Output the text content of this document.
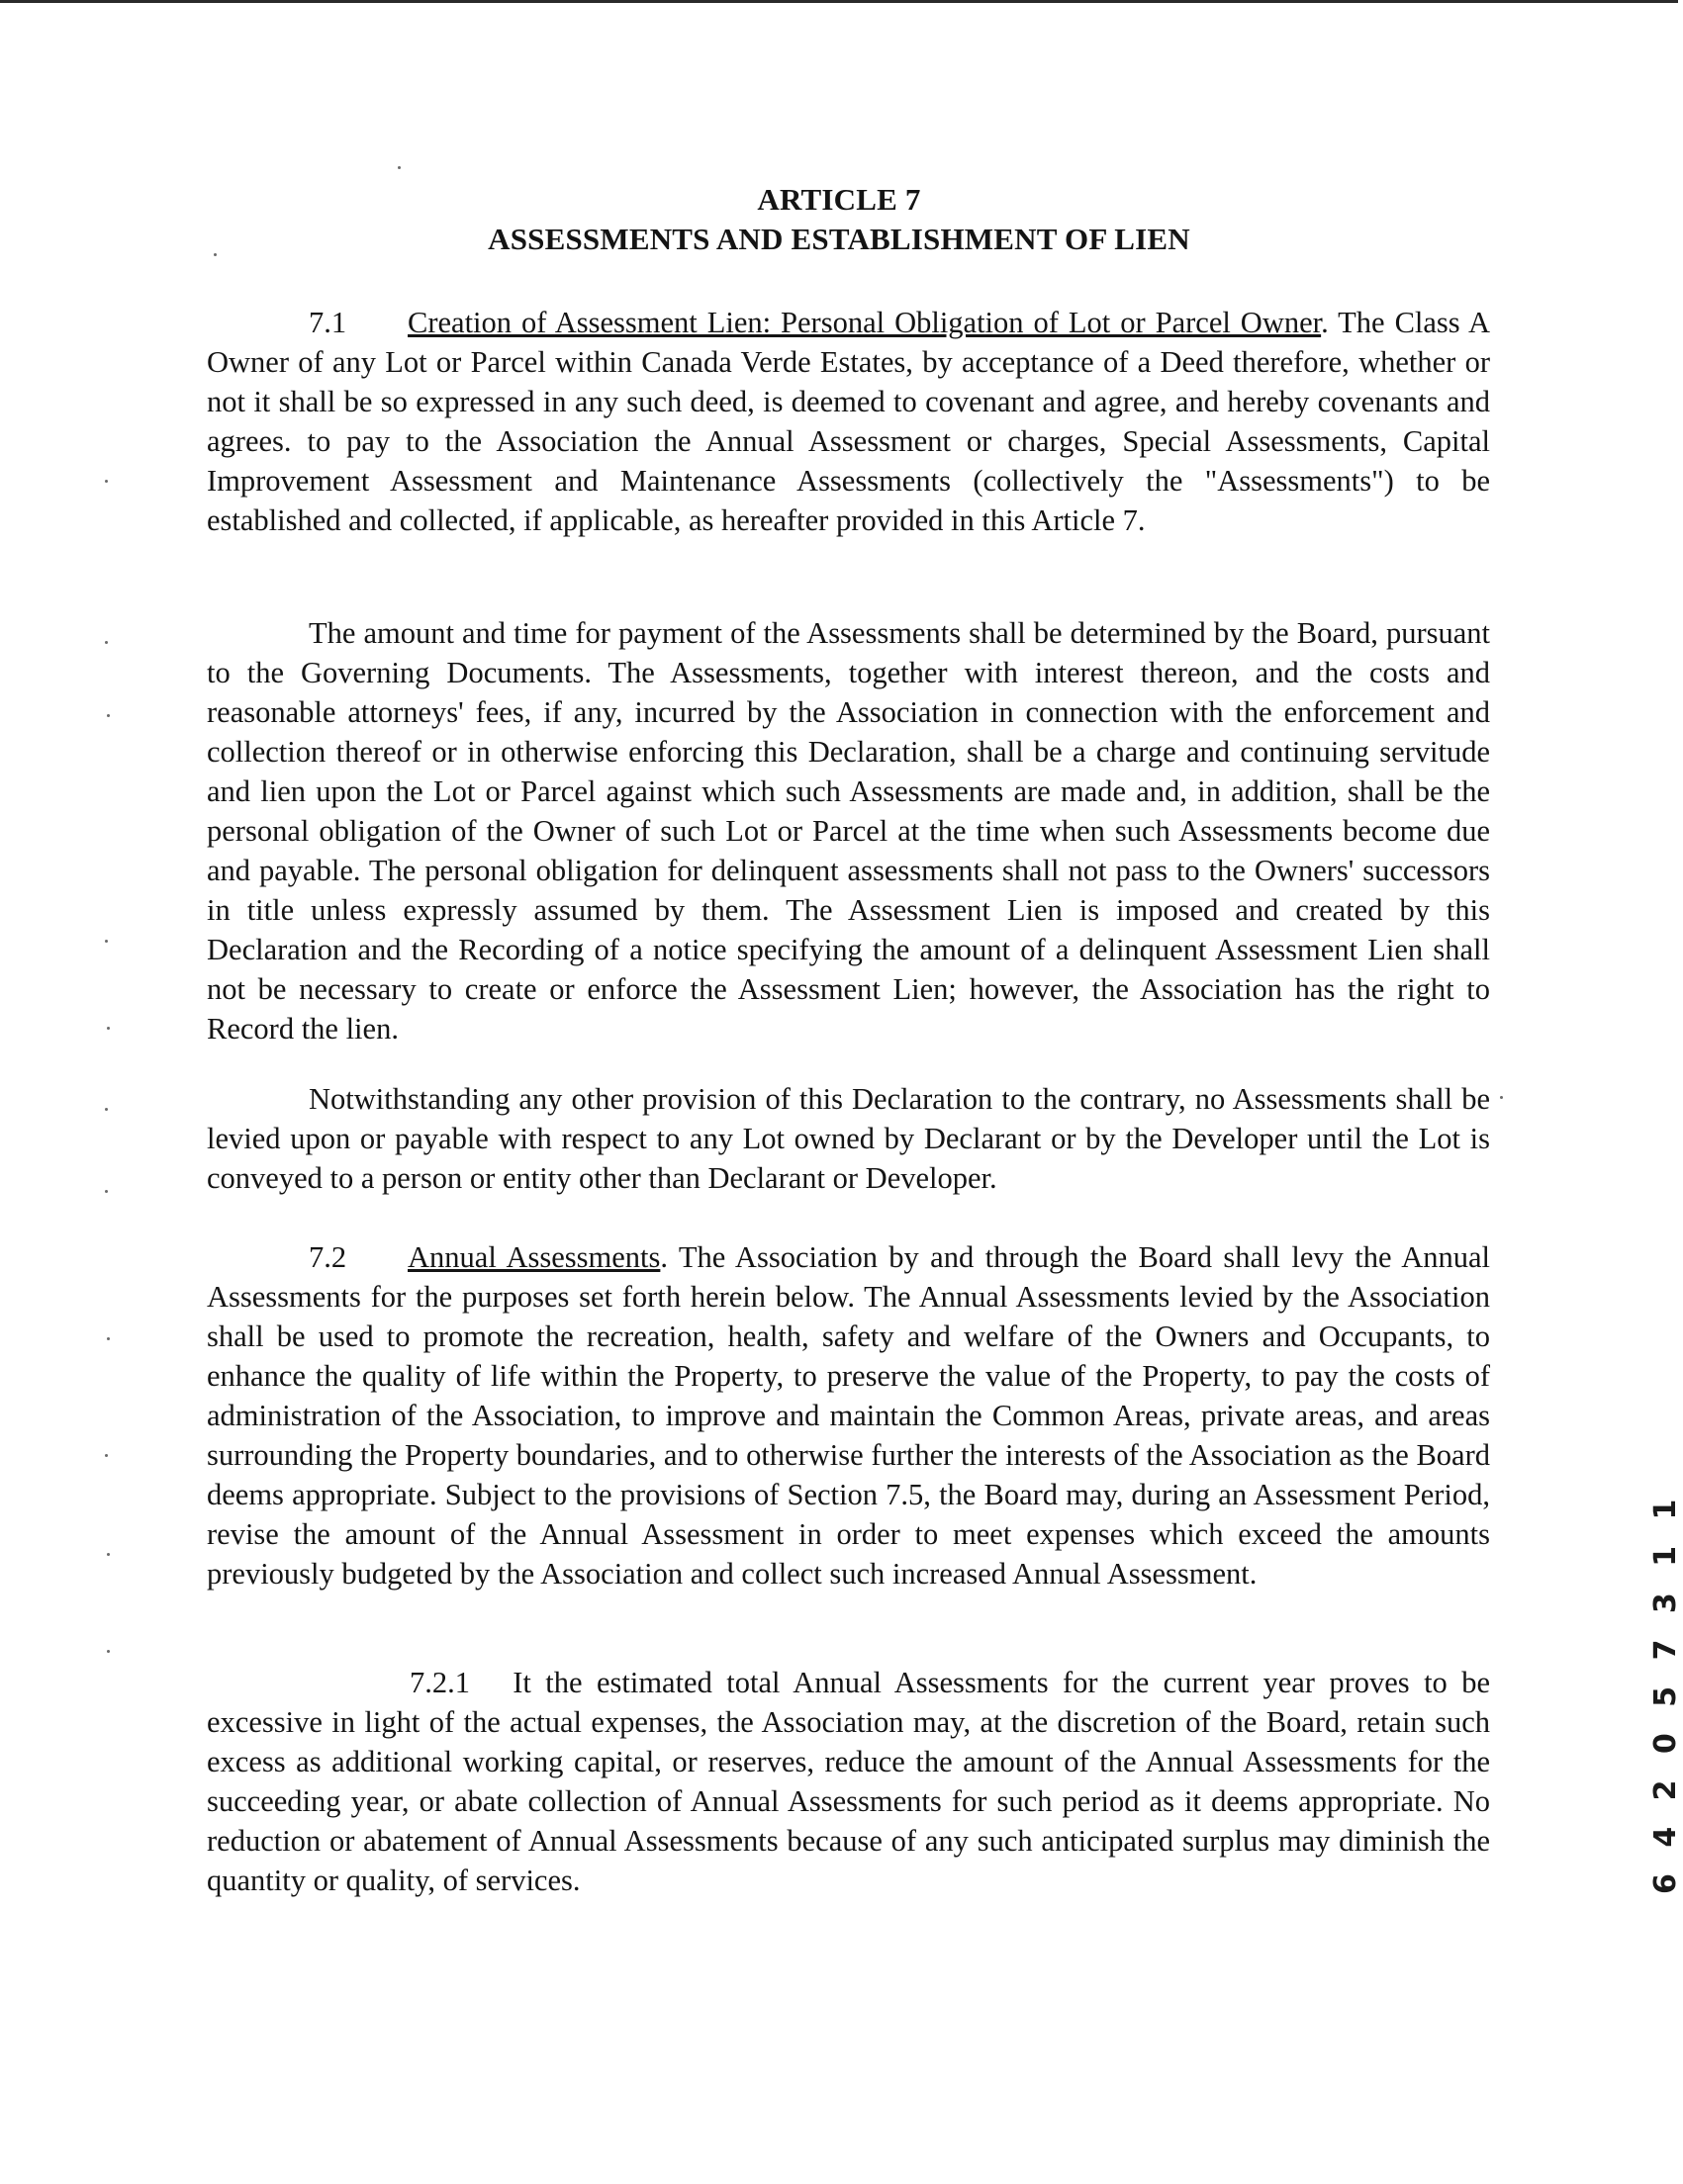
ARTICLE 7
ASSESSMENTS AND ESTABLISHMENT OF LIEN

7.1 Creation of Assessment Lien: Personal Obligation of Lot or Parcel Owner. The Class A Owner of any Lot or Parcel within Canada Verde Estates, by acceptance of a Deed therefore, whether or not it shall be so expressed in any such deed, is deemed to covenant and agree, and hereby covenants and agrees. to pay to the Association the Annual Assessment or charges, Special Assessments, Capital Improvement Assessment and Maintenance Assessments (collectively the "Assessments") to be established and collected, if applicable, as hereafter provided in this Article 7.

The amount and time for payment of the Assessments shall be determined by the Board, pursuant to the Governing Documents. The Assessments, together with interest thereon, and the costs and reasonable attorneys' fees, if any, incurred by the Association in connection with the enforcement and collection thereof or in otherwise enforcing this Declaration, shall be a charge and continuing servitude and lien upon the Lot or Parcel against which such Assessments are made and, in addition, shall be the personal obligation of the Owner of such Lot or Parcel at the time when such Assessments become due and payable. The personal obligation for delinquent assessments shall not pass to the Owners' successors in title unless expressly assumed by them. The Assessment Lien is imposed and created by this Declaration and the Recording of a notice specifying the amount of a delinquent Assessment Lien shall not be necessary to create or enforce the Assessment Lien; however, the Association has the right to Record the lien.

Notwithstanding any other provision of this Declaration to the contrary, no Assessments shall be levied upon or payable with respect to any Lot owned by Declarant or by the Developer until the Lot is conveyed to a person or entity other than Declarant or Developer.

7.2 Annual Assessments. The Association by and through the Board shall levy the Annual Assessments for the purposes set forth herein below. The Annual Assessments levied by the Association shall be used to promote the recreation, health, safety and welfare of the Owners and Occupants, to enhance the quality of life within the Property, to preserve the value of the Property, to pay the costs of administration of the Association, to improve and maintain the Common Areas, private areas, and areas surrounding the Property boundaries, and to otherwise further the interests of the Association as the Board deems appropriate. Subject to the provisions of Section 7.5, the Board may, during an Assessment Period, revise the amount of the Annual Assessment in order to meet expenses which exceed the amounts previously budgeted by the Association and collect such increased Annual Assessment.

7.2.1 It the estimated total Annual Assessments for the current year proves to be excessive in light of the actual expenses, the Association may, at the discretion of the Board, retain such excess as additional working capital, or reserves, reduce the amount of the Annual Assessments for the succeeding year, or abate collection of Annual Assessments for such period as it deems appropriate. No reduction or abatement of Annual Assessments because of any such anticipated surplus may diminish the quantity or quality, of services.	6 4 2 0 5 7 3 1 1
